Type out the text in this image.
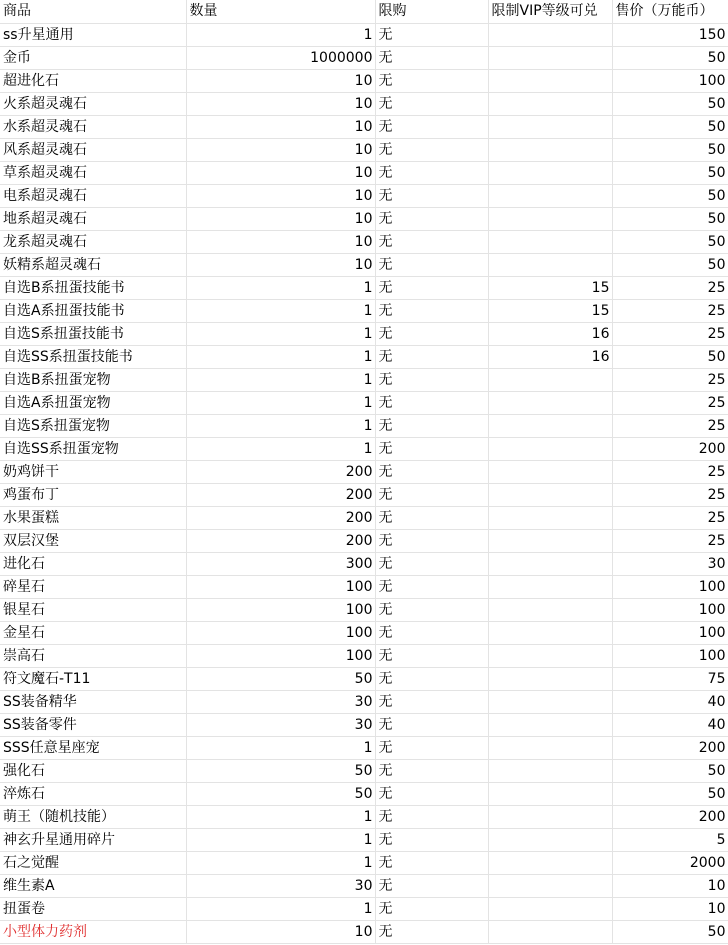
商品	数量	限购	限制VIP等级可兑	售价（万能币）
ss升星通用	1	无		150
金币	1000000	无		50
超进化石	10	无		100
火系超灵魂石	10	无		50
水系超灵魂石	10	无		50
风系超灵魂石	10	无		50
草系超灵魂石	10	无		50
电系超灵魂石	10	无		50
地系超灵魂石	10	无		50
龙系超灵魂石	10	无		50
妖精系超灵魂石	10	无		50
自选B系扭蛋技能书	1	无	15	25
自选A系扭蛋技能书	1	无	15	25
自选S系扭蛋技能书	1	无	16	25
自选SS系扭蛋技能书	1	无	16	50
自选B系扭蛋宠物	1	无		25
自选A系扭蛋宠物	1	无		25
自选S系扭蛋宠物	1	无		25
自选SS系扭蛋宠物	1	无		200
奶鸡饼干	200	无		25
鸡蛋布丁	200	无		25
水果蛋糕	200	无		25
双层汉堡	200	无		25
进化石	300	无		30
碎星石	100	无		100
银星石	100	无		100
金星石	100	无		100
崇高石	100	无		100
符文魔石-T11	50	无		75
SS装备精华	30	无		40
SS装备零件	30	无		40
SSS任意星座宠	1	无		200
强化石	50	无		50
淬炼石	50	无		50
萌王（随机技能）	1	无		200
神玄升星通用碎片	1	无		5
石之觉醒	1	无		2000
维生素A	30	无		10
扭蛋卷	1	无		10
小型体力药剂	10	无		50
